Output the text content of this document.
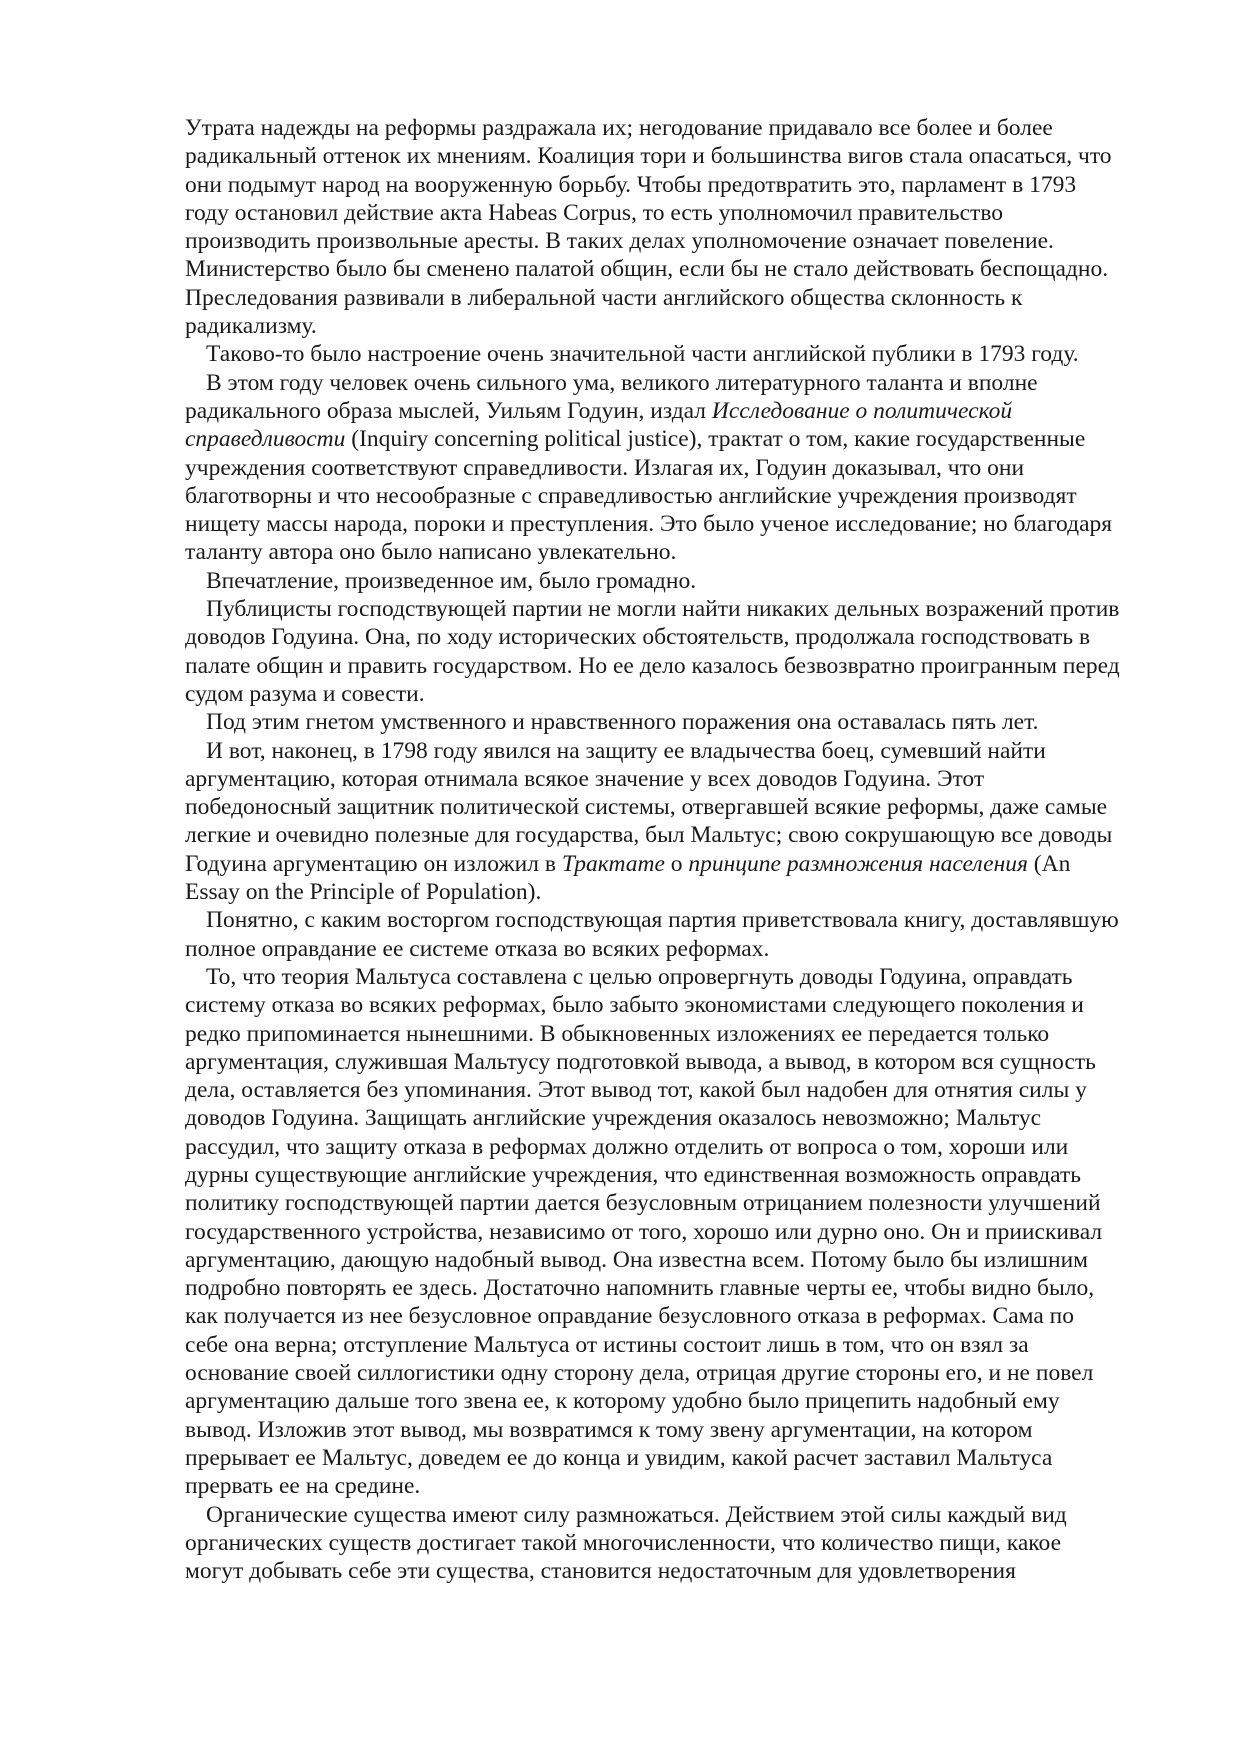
Утрата надежды на реформы раздражала их; негодование придавало все более и более радикальный оттенок их мнениям. Коалиция тори и большинства вигов стала опасаться, что они подымут народ на вооруженную борьбу. Чтобы предотвратить это, парламент в 1793 году остановил действие акта Habeas Corpus, то есть уполномочил правительство производить произвольные аресты. В таких делах уполномочение означает повеление. Министерство было бы сменено палатой общин, если бы не стало действовать беспощадно. Преследования развивали в либеральной части английского общества склонность к радикализму.

Таково-то было настроение очень значительной части английской публики в 1793 году.

В этом году человек очень сильного ума, великого литературного таланта и вполне радикального образа мыслей, Уильям Годуин, издал Исследование о политической справедливости (Inquiry concerning political justice), трактат о том, какие государственные учреждения соответствуют справедливости. Излагая их, Годуин доказывал, что они благотворны и что несообразные с справедливостью английские учреждения производят нищету массы народа, пороки и преступления. Это было ученое исследование; но благодаря таланту автора оно было написано увлекательно.

Впечатление, произведенное им, было громадно.

Публицисты господствующей партии не могли найти никаких дельных возражений против доводов Годуина. Она, по ходу исторических обстоятельств, продолжала господствовать в палате общин и править государством. Но ее дело казалось безвозвратно проигранным перед судом разума и совести.

Под этим гнетом умственного и нравственного поражения она оставалась пять лет.

И вот, наконец, в 1798 году явился на защиту ее владычества боец, сумевший найти аргументацию, которая отнимала всякое значение у всех доводов Годуина. Этот победоносный защитник политической системы, отвергавшей всякие реформы, даже самые легкие и очевидно полезные для государства, был Мальтус; свою сокрушающую все доводы Годуина аргументацию он изложил в Трактате о принципе размножения населения (An Essay on the Principle of Population).

Понятно, с каким восторгом господствующая партия приветствовала книгу, доставлявшую полное оправдание ее системе отказа во всяких реформах.

То, что теория Мальтуса составлена с целью опровергнуть доводы Годуина, оправдать систему отказа во всяких реформах, было забыто экономистами следующего поколения и редко припоминается нынешними. В обыкновенных изложениях ее передается только аргументация, служившая Мальтусу подготовкой вывода, а вывод, в котором вся сущность дела, оставляется без упоминания. Этот вывод тот, какой был надобен для отнятия силы у доводов Годуина. Защищать английские учреждения оказалось невозможно; Мальтус рассудил, что защиту отказа в реформах должно отделить от вопроса о том, хороши или дурны существующие английские учреждения, что единственная возможность оправдать политику господствующей партии дается безусловным отрицанием полезности улучшений государственного устройства, независимо от того, хорошо или дурно оно. Он и приискивал аргументацию, дающую надобный вывод. Она известна всем. Потому было бы излишним подробно повторять ее здесь. Достаточно напомнить главные черты ее, чтобы видно было, как получается из нее безусловное оправдание безусловного отказа в реформах. Сама по себе она верна; отступление Мальтуса от истины состоит лишь в том, что он взял за основание своей силлогистики одну сторону дела, отрицая другие стороны его, и не повел аргументацию дальше того звена ее, к которому удобно было прицепить надобный ему вывод. Изложив этот вывод, мы возвратимся к тому звену аргументации, на котором прерывает ее Мальтус, доведем ее до конца и увидим, какой расчет заставил Мальтуса прервать ее на средине.

Органические существа имеют силу размножаться. Действием этой силы каждый вид органических существ достигает такой многочисленности, что количество пищи, какое могут добывать себе эти существа, становится недостаточным для удовлетворения
